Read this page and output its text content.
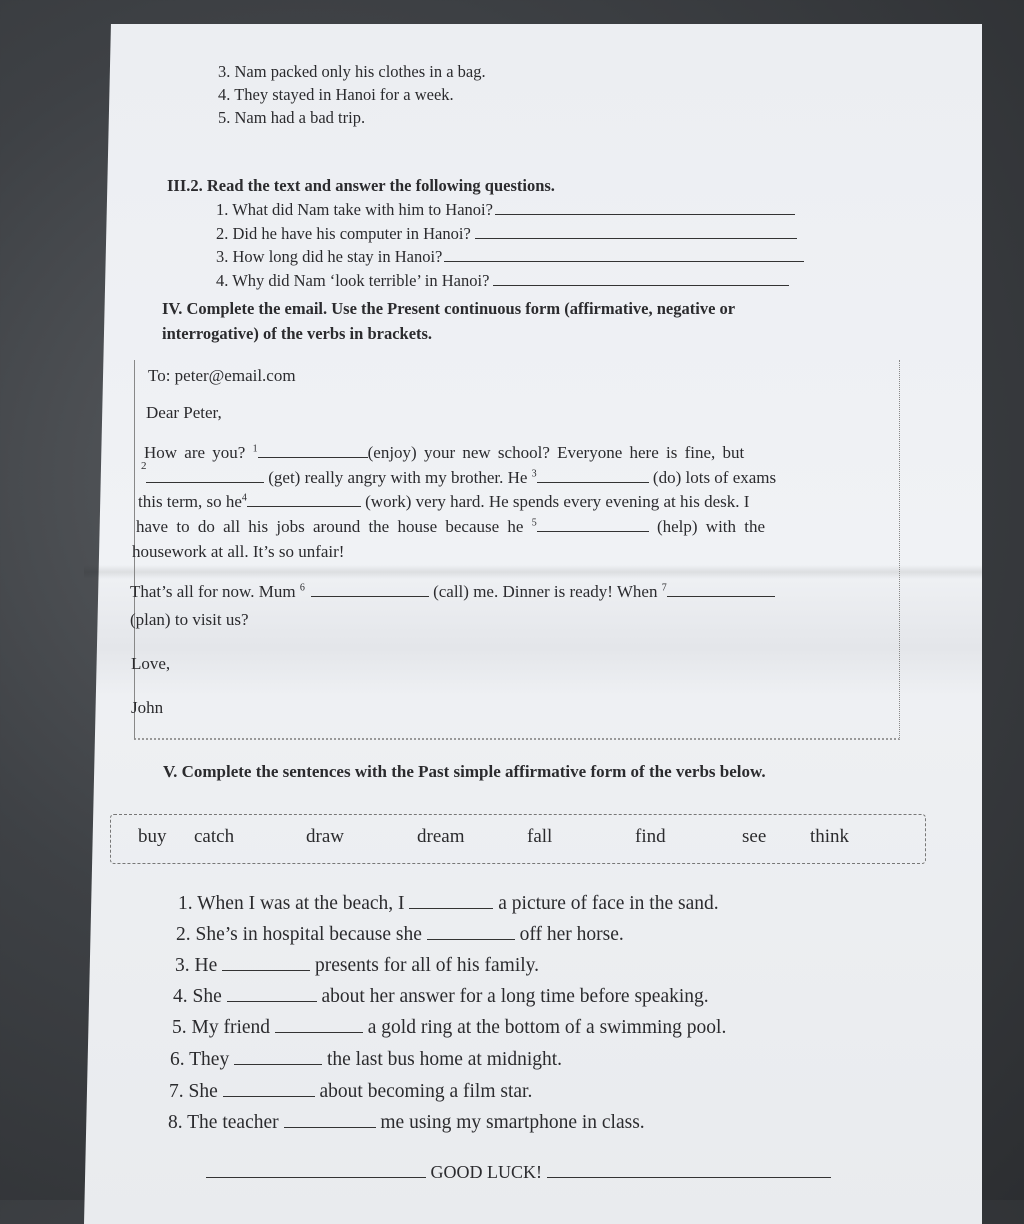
3. Nam packed only his clothes in a bag.
4. They stayed in Hanoi for a week.
5. Nam had a bad trip.
III.2. Read the text and answer the following questions.
1. What did Nam take with him to Hanoi?
2. Did he have his computer in Hanoi?
3. How long did he stay in Hanoi?
4. Why did Nam ‘look terrible’ in Hanoi?
IV. Complete the email. Use the Present continuous form (affirmative, negative or
interrogative) of the verbs in brackets.
To: peter@email.com
Dear Peter,
How are you? $^1$	(enjoy) your new school? Everyone here is fine, but
2
(get) really angry with my brother. He $^3$	(do) lots of exams
this term, so $he^4$	(work) very hard. He spends every evening at his desk. I
have to do all his jobs around the house because he $^5$	(help) with the
housework at all. It’s so unfair!
That’s all for now. Mum $^6$	(call) me. Dinner is ready! When $^7$
(plan) to visit us?
Love,
John
V. Complete the sentences with the Past simple affirmative form of the verbs below.
buy catch	draw	dream	fall	find	see think
1. When I was at the beach, I	a picture of face in the sand.
2. She’s in hospital because she	off her horse.
3. He	presents for all of his family.
4. She	about her answer for a long time before speaking.
5. My friend	a gold ring at the bottom of a swimming pool.
6. They	the last bus home at midnight.
7. She	about becoming a film star.
8. The teacher	me using my smartphone in class.
GOOD LUCK!
